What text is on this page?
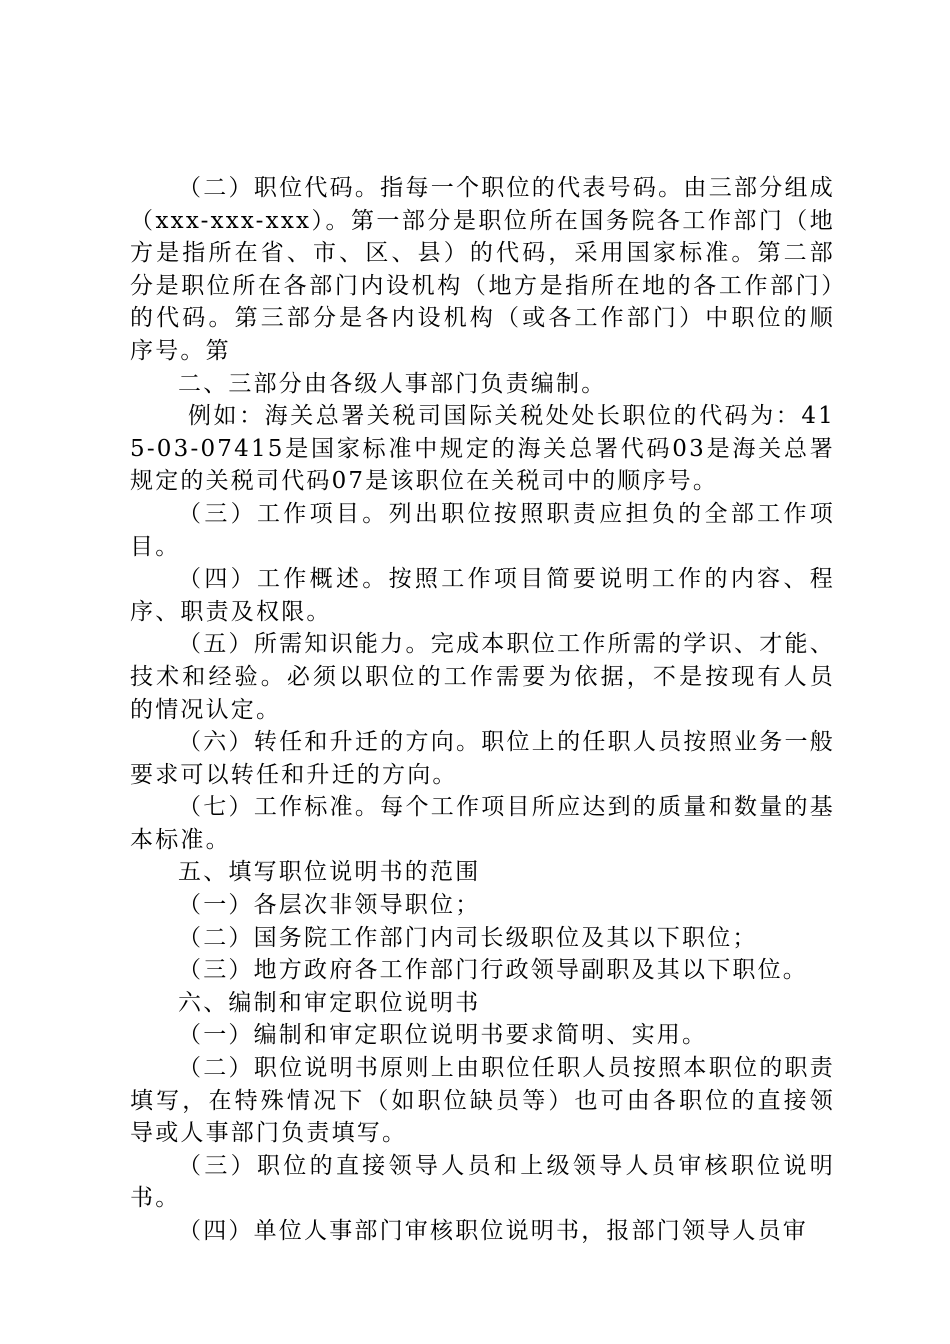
（二）职位代码。指每一个职位的代表号码。由三部分组成（xxx-xxx-xxx）。第一部分是职位所在国务院各工作部门（地方是指所在省、市、区、县）的代码，采用国家标准。第二部分是职位所在各部门内设机构（地方是指所在地的各工作部门）的代码。第三部分是各内设机构（或各工作部门）中职位的顺序号。第

二、三部分由各级人事部门负责编制。

例如：海关总署关税司国际关税处处长职位的代码为：415-03-07415是国家标准中规定的海关总署代码03是海关总署规定的关税司代码07是该职位在关税司中的顺序号。

（三）工作项目。列出职位按照职责应担负的全部工作项目。

（四）工作概述。按照工作项目简要说明工作的内容、程序、职责及权限。

（五）所需知识能力。完成本职位工作所需的学识、才能、技术和经验。必须以职位的工作需要为依据，不是按现有人员的情况认定。

（六）转任和升迁的方向。职位上的任职人员按照业务一般要求可以转任和升迁的方向。

（七）工作标准。每个工作项目所应达到的质量和数量的基本标准。

五、填写职位说明书的范围

（一）各层次非领导职位；

（二）国务院工作部门内司长级职位及其以下职位；

（三）地方政府各工作部门行政领导副职及其以下职位。

六、编制和审定职位说明书

（一）编制和审定职位说明书要求简明、实用。

（二）职位说明书原则上由职位任职人员按照本职位的职责填写，在特殊情况下（如职位缺员等）也可由各职位的直接领导或人事部门负责填写。

（三）职位的直接领导人员和上级领导人员审核职位说明书。

（四）单位人事部门审核职位说明书，报部门领导人员审
